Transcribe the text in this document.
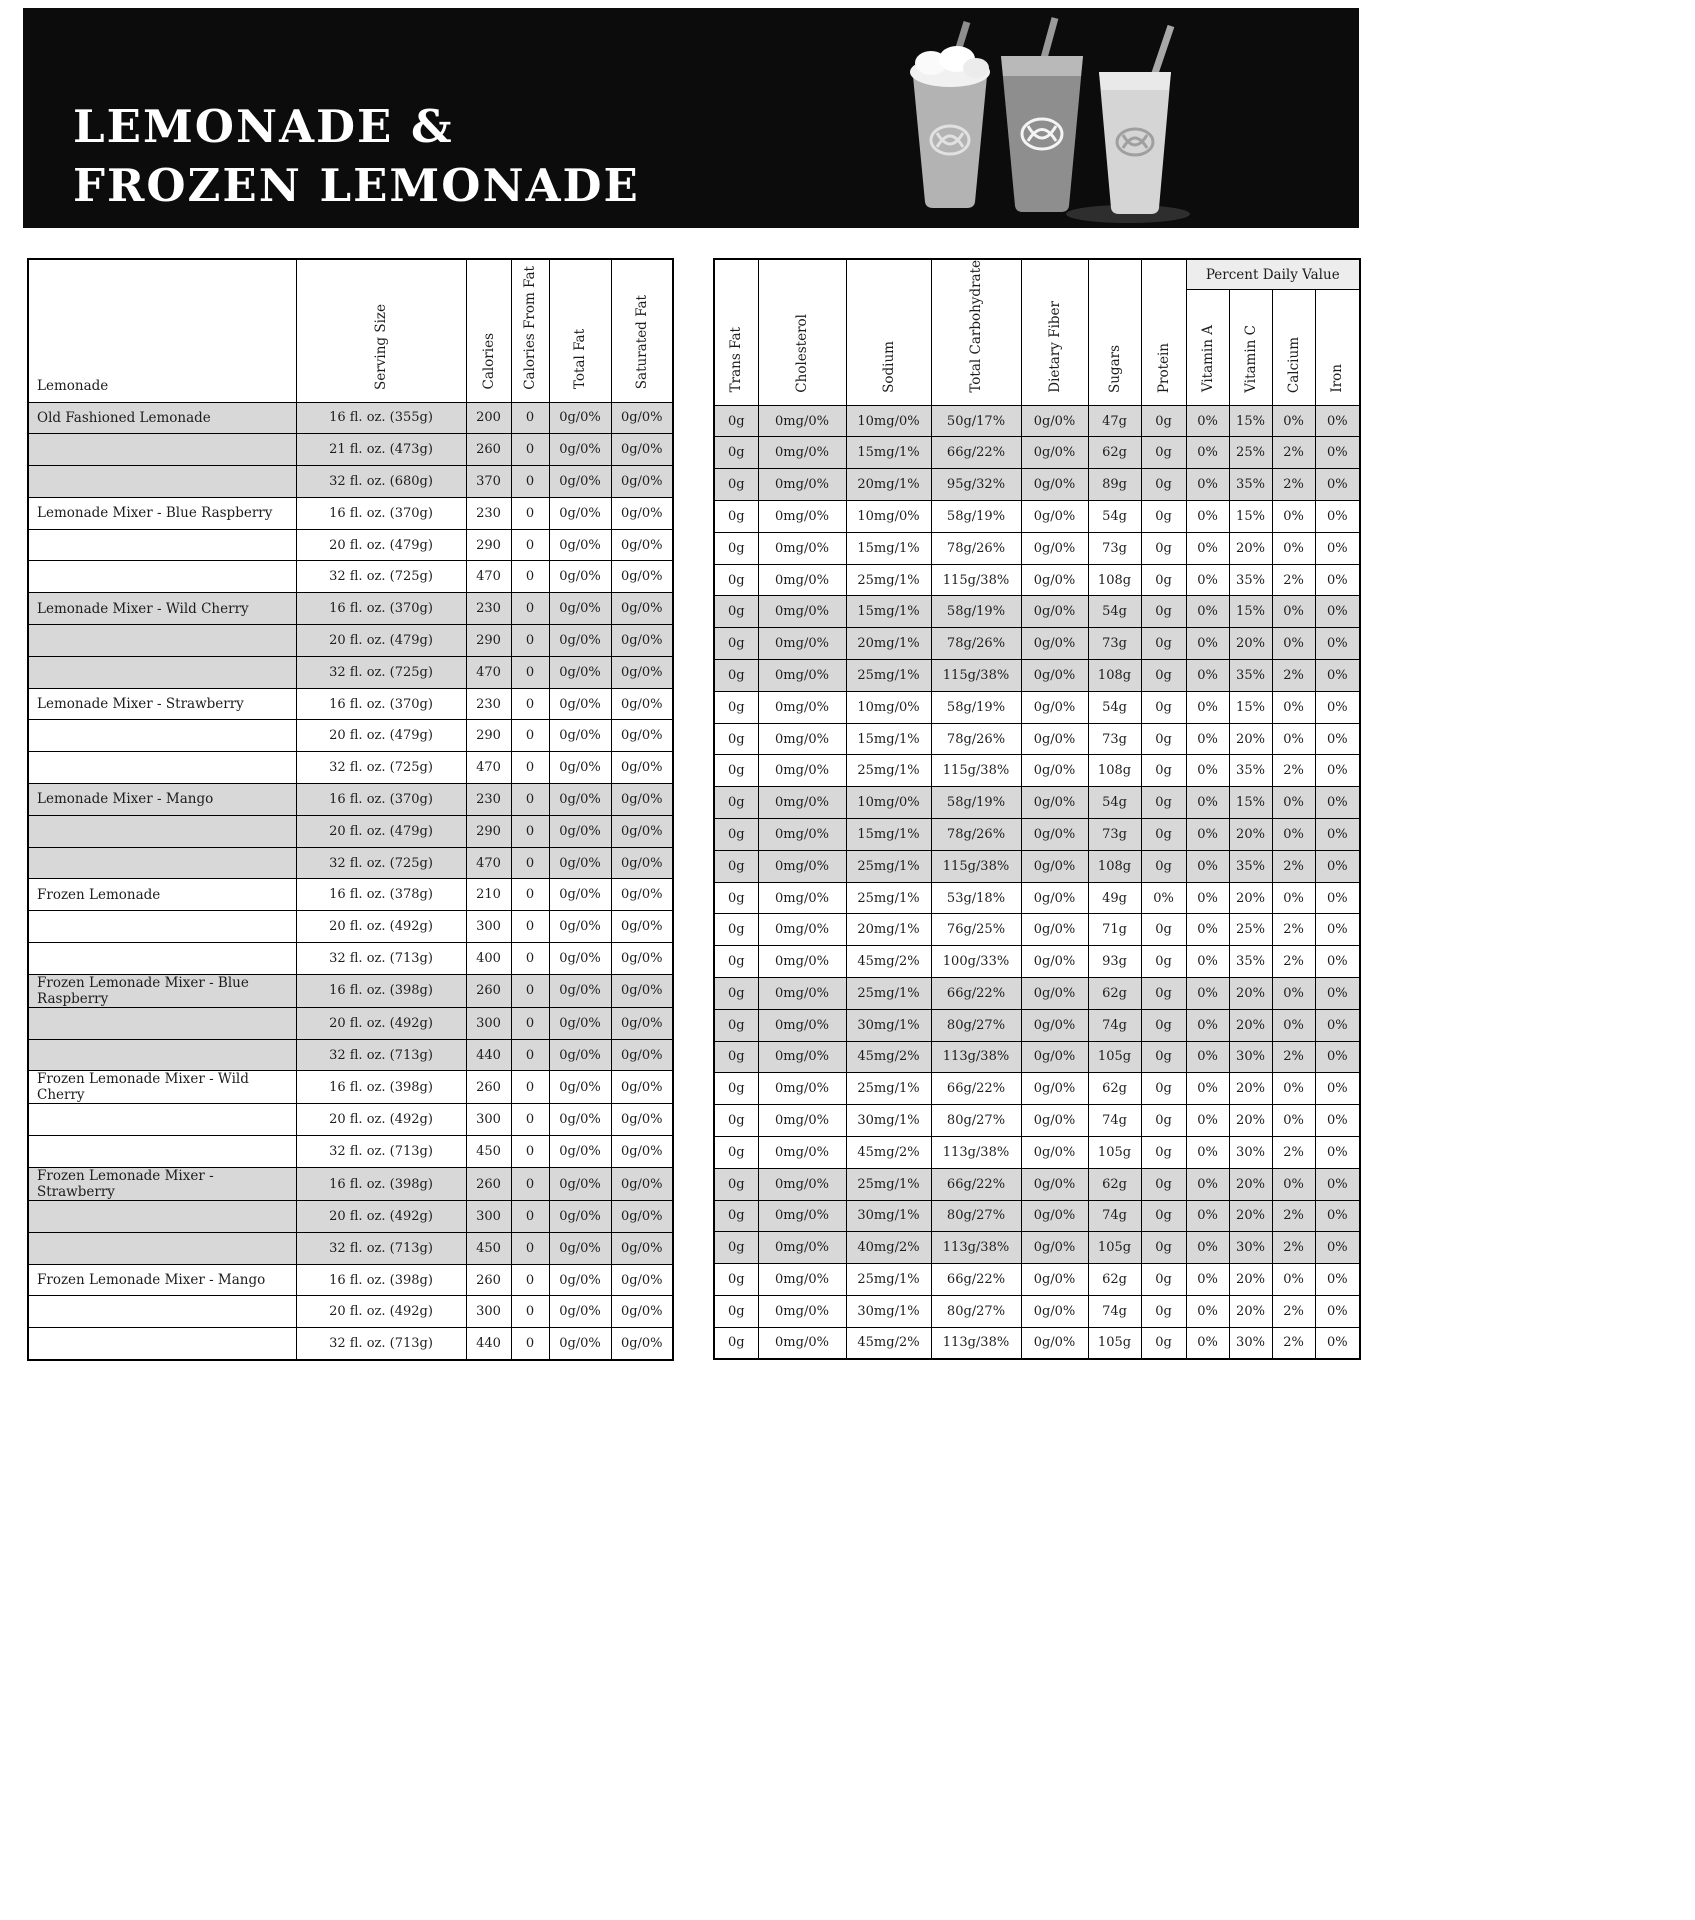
LEMONADE &
FROZEN LEMONADE
Lemonade	Serving Size	Calories	Calories From Fat	Total Fat	Saturated Fat
Old Fashioned Lemonade	16 fl. oz. (355g)	200	0	0g/0%	0g/0%
	21 fl. oz. (473g)	260	0	0g/0%	0g/0%
	32 fl. oz. (680g)	370	0	0g/0%	0g/0%
Lemonade Mixer - Blue Raspberry	16 fl. oz. (370g)	230	0	0g/0%	0g/0%
	20 fl. oz. (479g)	290	0	0g/0%	0g/0%
	32 fl. oz. (725g)	470	0	0g/0%	0g/0%
Lemonade Mixer - Wild Cherry	16 fl. oz. (370g)	230	0	0g/0%	0g/0%
	20 fl. oz. (479g)	290	0	0g/0%	0g/0%
	32 fl. oz. (725g)	470	0	0g/0%	0g/0%
Lemonade Mixer - Strawberry	16 fl. oz. (370g)	230	0	0g/0%	0g/0%
	20 fl. oz. (479g)	290	0	0g/0%	0g/0%
	32 fl. oz. (725g)	470	0	0g/0%	0g/0%
Lemonade Mixer - Mango	16 fl. oz. (370g)	230	0	0g/0%	0g/0%
	20 fl. oz. (479g)	290	0	0g/0%	0g/0%
	32 fl. oz. (725g)	470	0	0g/0%	0g/0%
Frozen Lemonade	16 fl. oz. (378g)	210	0	0g/0%	0g/0%
	20 fl. oz. (492g)	300	0	0g/0%	0g/0%
	32 fl. oz. (713g)	400	0	0g/0%	0g/0%
Frozen Lemonade Mixer - Blue Raspberry	16 fl. oz. (398g)	260	0	0g/0%	0g/0%
	20 fl. oz. (492g)	300	0	0g/0%	0g/0%
	32 fl. oz. (713g)	440	0	0g/0%	0g/0%
Frozen Lemonade Mixer - Wild Cherry	16 fl. oz. (398g)	260	0	0g/0%	0g/0%
	20 fl. oz. (492g)	300	0	0g/0%	0g/0%
	32 fl. oz. (713g)	450	0	0g/0%	0g/0%
Frozen Lemonade Mixer - Strawberry	16 fl. oz. (398g)	260	0	0g/0%	0g/0%
	20 fl. oz. (492g)	300	0	0g/0%	0g/0%
	32 fl. oz. (713g)	450	0	0g/0%	0g/0%
Frozen Lemonade Mixer - Mango	16 fl. oz. (398g)	260	0	0g/0%	0g/0%
	20 fl. oz. (492g)	300	0	0g/0%	0g/0%
	32 fl. oz. (713g)	440	0	0g/0%	0g/0%
Trans Fat	Cholesterol	Sodium	Total Carbohydrate	Dietary Fiber	Sugars	Protein	Percent Daily Value			
							Vitamin A	Vitamin C	Calcium	Iron
0g	0mg/0%	10mg/0%	50g/17%	0g/0%	47g	0g	0%	15%	0%	0%
0g	0mg/0%	15mg/1%	66g/22%	0g/0%	62g	0g	0%	25%	2%	0%
0g	0mg/0%	20mg/1%	95g/32%	0g/0%	89g	0g	0%	35%	2%	0%
0g	0mg/0%	10mg/0%	58g/19%	0g/0%	54g	0g	0%	15%	0%	0%
0g	0mg/0%	15mg/1%	78g/26%	0g/0%	73g	0g	0%	20%	0%	0%
0g	0mg/0%	25mg/1%	115g/38%	0g/0%	108g	0g	0%	35%	2%	0%
0g	0mg/0%	15mg/1%	58g/19%	0g/0%	54g	0g	0%	15%	0%	0%
0g	0mg/0%	20mg/1%	78g/26%	0g/0%	73g	0g	0%	20%	0%	0%
0g	0mg/0%	25mg/1%	115g/38%	0g/0%	108g	0g	0%	35%	2%	0%
0g	0mg/0%	10mg/0%	58g/19%	0g/0%	54g	0g	0%	15%	0%	0%
0g	0mg/0%	15mg/1%	78g/26%	0g/0%	73g	0g	0%	20%	0%	0%
0g	0mg/0%	25mg/1%	115g/38%	0g/0%	108g	0g	0%	35%	2%	0%
0g	0mg/0%	10mg/0%	58g/19%	0g/0%	54g	0g	0%	15%	0%	0%
0g	0mg/0%	15mg/1%	78g/26%	0g/0%	73g	0g	0%	20%	0%	0%
0g	0mg/0%	25mg/1%	115g/38%	0g/0%	108g	0g	0%	35%	2%	0%
0g	0mg/0%	25mg/1%	53g/18%	0g/0%	49g	0%	0%	20%	0%	0%
0g	0mg/0%	20mg/1%	76g/25%	0g/0%	71g	0g	0%	25%	2%	0%
0g	0mg/0%	45mg/2%	100g/33%	0g/0%	93g	0g	0%	35%	2%	0%
0g	0mg/0%	25mg/1%	66g/22%	0g/0%	62g	0g	0%	20%	0%	0%
0g	0mg/0%	30mg/1%	80g/27%	0g/0%	74g	0g	0%	20%	0%	0%
0g	0mg/0%	45mg/2%	113g/38%	0g/0%	105g	0g	0%	30%	2%	0%
0g	0mg/0%	25mg/1%	66g/22%	0g/0%	62g	0g	0%	20%	0%	0%
0g	0mg/0%	30mg/1%	80g/27%	0g/0%	74g	0g	0%	20%	0%	0%
0g	0mg/0%	45mg/2%	113g/38%	0g/0%	105g	0g	0%	30%	2%	0%
0g	0mg/0%	25mg/1%	66g/22%	0g/0%	62g	0g	0%	20%	0%	0%
0g	0mg/0%	30mg/1%	80g/27%	0g/0%	74g	0g	0%	20%	2%	0%
0g	0mg/0%	40mg/2%	113g/38%	0g/0%	105g	0g	0%	30%	2%	0%
0g	0mg/0%	25mg/1%	66g/22%	0g/0%	62g	0g	0%	20%	0%	0%
0g	0mg/0%	30mg/1%	80g/27%	0g/0%	74g	0g	0%	20%	2%	0%
0g	0mg/0%	45mg/2%	113g/38%	0g/0%	105g	0g	0%	30%	2%	0%
